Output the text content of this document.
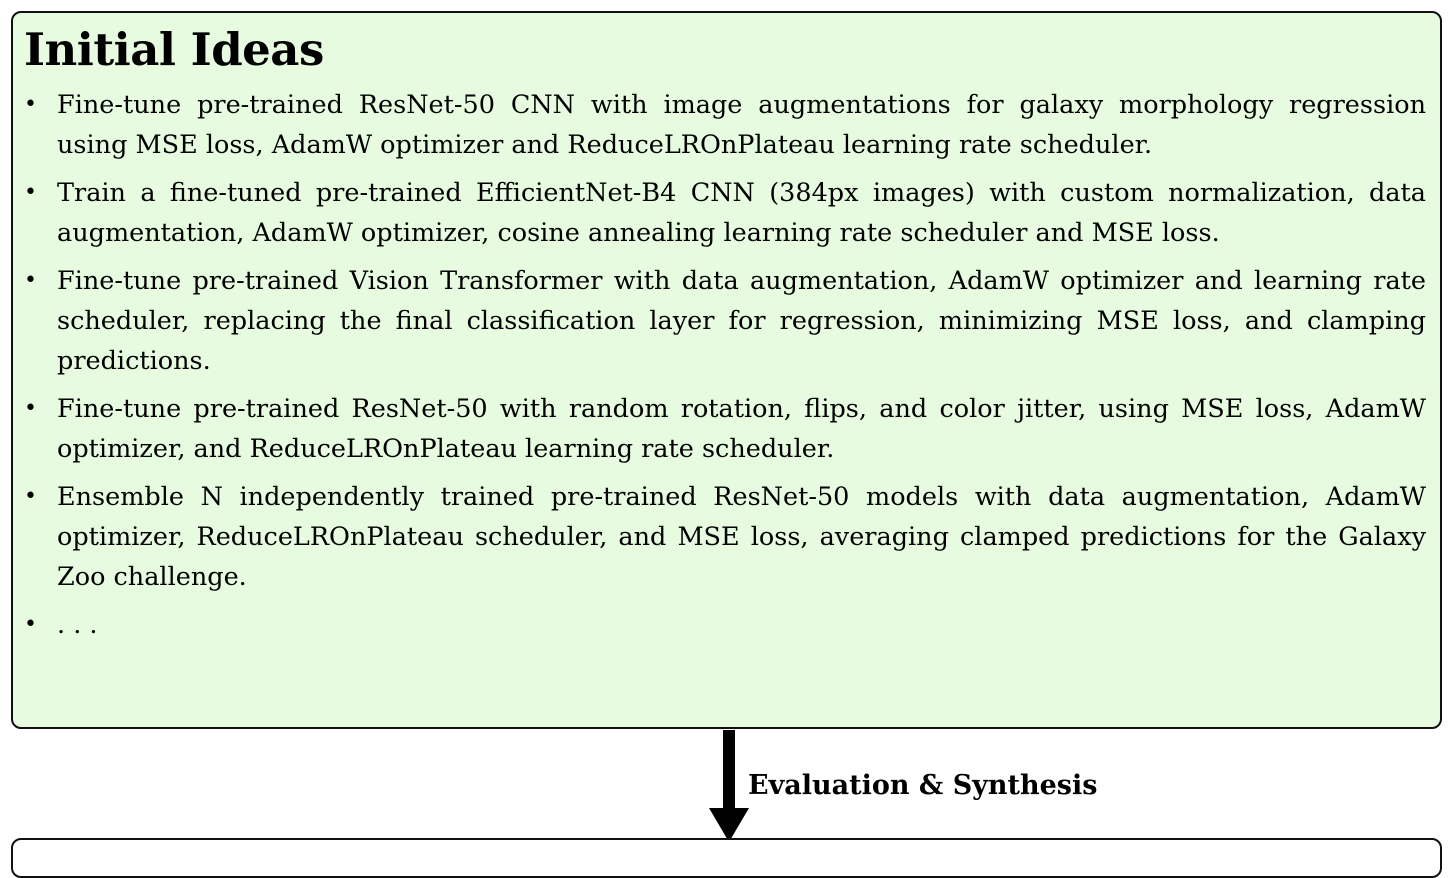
Initial Ideas
• Fine-tune pre-trained ResNet-50 CNN with image augmentations for galaxy morphology regression using MSE loss, AdamW optimizer and ReduceLROnPlateau learning rate scheduler.
• Train a fine-tuned pre-trained EfficientNet-B4 CNN (384px images) with custom normalization, data augmentation, AdamW optimizer, cosine annealing learning rate scheduler and MSE loss.
• Fine-tune pre-trained Vision Transformer with data augmentation, AdamW optimizer and learning rate scheduler, replacing the final classification layer for regression, minimizing MSE loss, and clamping predictions.
• Fine-tune pre-trained ResNet-50 with random rotation, flips, and color jitter, using MSE loss, AdamW optimizer, and ReduceLROnPlateau learning rate scheduler.
• Ensemble N independently trained pre-trained ResNet-50 models with data augmentation, AdamW optimizer, ReduceLROnPlateau scheduler, and MSE loss, averaging clamped predictions for the Galaxy Zoo challenge.
• . . .
Evaluation & Synthesis
